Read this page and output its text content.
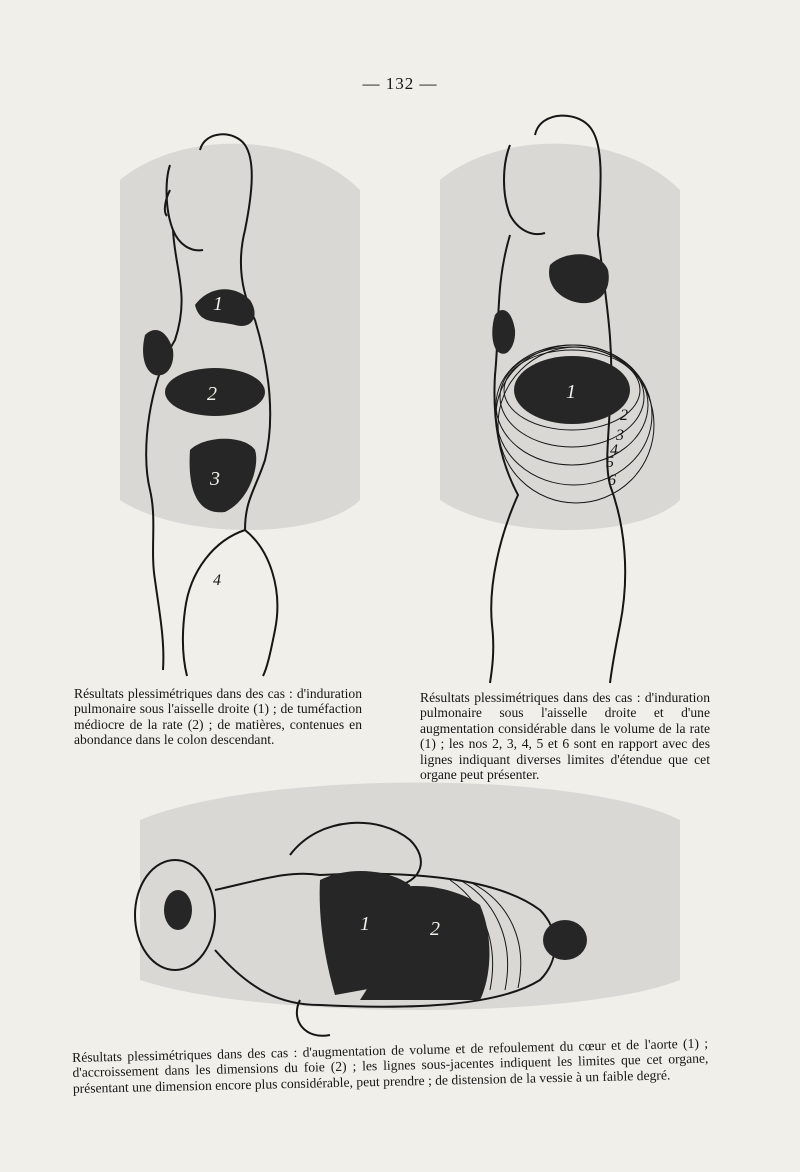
— 132 —
1
2
3
4
1
2
3
4
5
6
Résultats plessimétriques dans des cas : d'induration pulmonaire sous l'aisselle droite (1) ; de tuméfaction médiocre de la rate (2) ; de matières, contenues en abondance dans le colon descendant.
Résultats plessimétriques dans des cas : d'induration pulmonaire sous l'aisselle droite et d'une augmentation considérable dans le volume de la rate (1) ; les nos 2, 3, 4, 5 et 6 sont en rapport avec des lignes indiquant diverses limites d'étendue que cet organe peut présenter.
1	2
Résultats plessimétriques dans des cas : d'augmentation de volume et de refoulement du cœur et de l'aorte (1) ; d'accroissement dans les dimensions du foie (2) ; les lignes sous-jacentes indiquent les limites que cet organe, présentant une dimension encore plus considérable, peut prendre ; de distension de la vessie à un faible degré.
